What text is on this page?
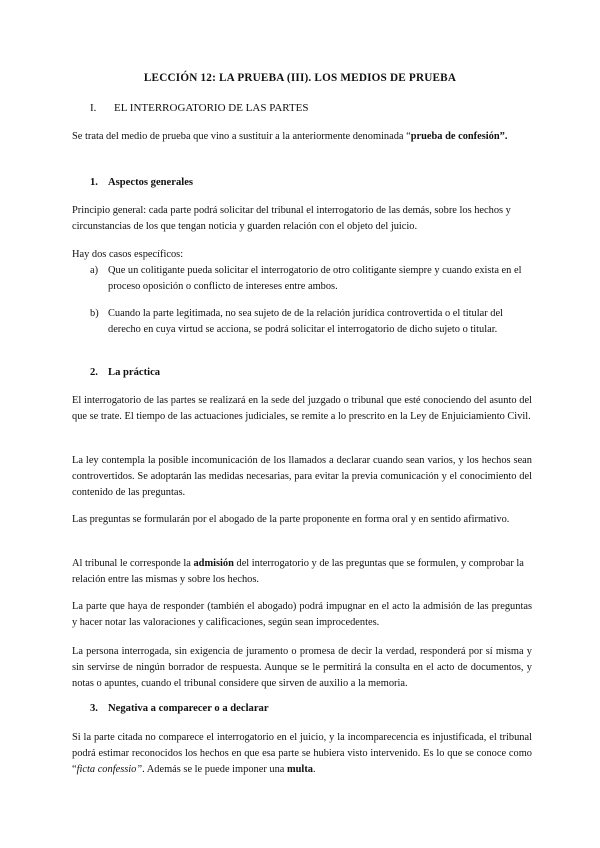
LECCIÓN 12: LA PRUEBA (III). LOS MEDIOS DE PRUEBA
I. EL INTERROGATORIO DE LAS PARTES

Se trata del medio de prueba que vino a sustituir a la anteriormente denominada “prueba de confesión”.

1. Aspectos generales

Principio general: cada parte podrá solicitar del tribunal el interrogatorio de las demás, sobre los hechos y circunstancias de los que tengan noticia y guarden relación con el objeto del juicio.

Hay dos casos específicos:

a) Que un colitigante pueda solicitar el interrogatorio de otro colitigante siempre y cuando exista en el proceso oposición o conflicto de intereses entre ambos.
b) Cuando la parte legitimada, no sea sujeto de de la relación jurídica controvertida o el titular del derecho en cuya virtud se acciona, se podrá solicitar el interrogatorio de dicho sujeto o titular.
2. La práctica

El interrogatorio de las partes se realizará en la sede del juzgado o tribunal que esté conociendo del asunto del que se trate. El tiempo de las actuaciones judiciales, se remite a lo prescrito en la Ley de Enjuiciamiento Civil.

La ley contempla la posible incomunicación de los llamados a declarar cuando sean varios, y los hechos sean controvertidos. Se adoptarán las medidas necesarias, para evitar la previa comunicación y el conocimiento del contenido de las preguntas.

Las preguntas se formularán por el abogado de la parte proponente en forma oral y en sentido afirmativo.

Al tribunal le corresponde la admisión del interrogatorio y de las preguntas que se formulen, y comprobar la relación entre las mismas y sobre los hechos.

La parte que haya de responder (también el abogado) podrá impugnar en el acto la admisión de las preguntas y hacer notar las valoraciones y calificaciones, según sean improcedentes.

La persona interrogada, sin exigencia de juramento o promesa de decir la verdad, responderá por sí misma y sin servirse de ningún borrador de respuesta. Aunque se le permitirá la consulta en el acto de documentos, y notas o apuntes, cuando el tribunal considere que sirven de auxilio a la memoria.

3. Negativa a comparecer o a declarar

Si la parte citada no comparece el interrogatorio en el juicio, y la incomparecencia es injustificada, el tribunal podrá estimar reconocidos los hechos en que esa parte se hubiera visto intervenido. Es lo que se conoce como “ficta confessio”. Además se le puede imponer una multa.
